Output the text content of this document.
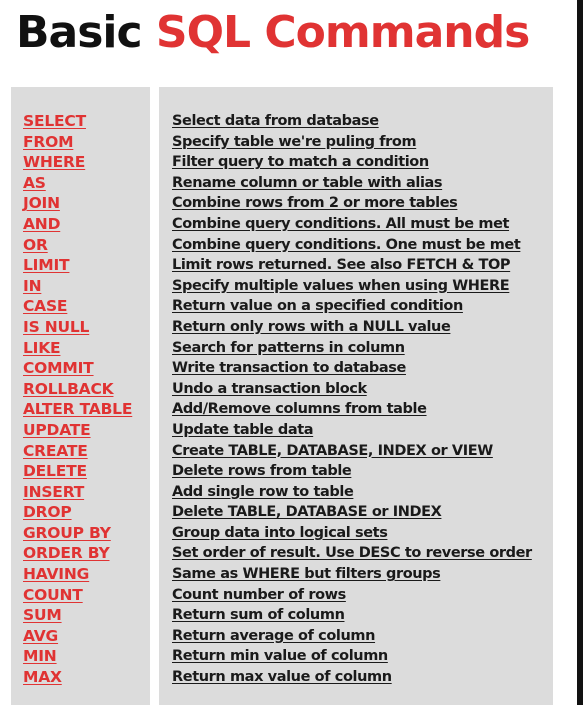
Basic SQL Commands
SELECT
FROM
WHERE
AS
JOIN
AND
OR
LIMIT
IN
CASE
IS NULL
LIKE
COMMIT
ROLLBACK
ALTER TABLE
UPDATE
CREATE
DELETE
INSERT
DROP
GROUP BY
ORDER BY
HAVING
COUNT
SUM
AVG
MIN
MAX
Select data from database
Specify table we're puling from
Filter query to match a condition
Rename column or table with alias
Combine rows from 2 or more tables
Combine query conditions. All must be met
Combine query conditions. One must be met
Limit rows returned. See also FETCH & TOP
Specify multiple values when using WHERE
Return value on a specified condition
Return only rows with a NULL value
Search for patterns in column
Write transaction to database
Undo a transaction block
Add/Remove columns from table
Update table data
Create TABLE, DATABASE, INDEX or VIEW
Delete rows from table
Add single row to table
Delete TABLE, DATABASE or INDEX
Group data into logical sets
Set order of result. Use DESC to reverse order
Same as WHERE but filters groups
Count number of rows
Return sum of column
Return average of column
Return min value of column
Return max value of column
